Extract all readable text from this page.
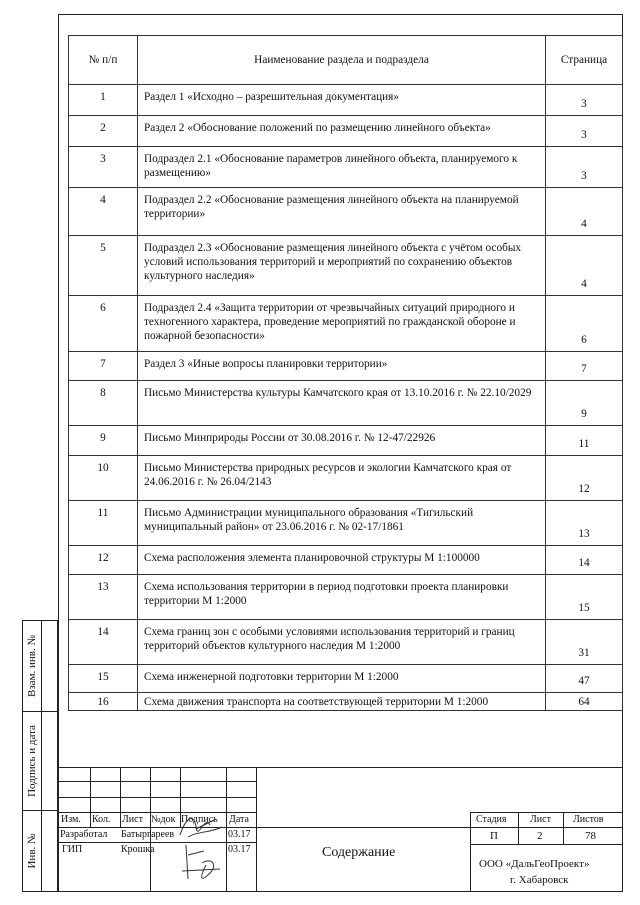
№ п/п	Наименование раздела и подраздела	Страница
1	Раздел 1 «Исходно – разрешительная документация»	3
2	Раздел 2 «Обоснование положений по размещению линейного объекта»	3
3	Подраздел 2.1 «Обоснование параметров линейного объекта, планируемого к размещению»	3
4	Подраздел 2.2 «Обоснование размещения линейного объекта на планируемой территории»	4
5	Подраздел 2.3 «Обоснование размещения линейного объекта с учётом особых условий использования территорий и мероприятий по сохранению объектов культурного наследия»	4
6	Подраздел 2.4 «Защита территории от чрезвычайных ситуаций природного и техногенного характера, проведение мероприятий по гражданской обороне и пожарной безопасности»	6
7	Раздел 3 «Иные вопросы планировки территории»	7
8	Письмо Министерства культуры Камчатского края от 13.10.2016 г. № 22.10/2029	9
9	Письмо Минприроды России от 30.08.2016 г. № 12-47/22926	11
10	Письмо Министерства природных ресурсов и экологии Камчатского края от 24.06.2016 г. № 26.04/2143	12
11	Письмо Администрации муниципального образования «Тигильский муниципальный район» от 23.06.2016 г. № 02-17/1861	13
12	Схема расположения элемента планировочной структуры М 1:100000	14
13	Схема использования территории в период подготовки проекта планировки территории М 1:2000	15
14	Схема границ зон с особыми условиями использования территорий и границ территорий объектов культурного наследия М 1:2000	31
15	Схема инженерной подготовки территории М 1:2000	47
16	Схема движения транспорта на соответствующей территории М 1:2000	64
Взам. инв. №
Подпись и дата
Инв. №
Изм. Кол. Лист №док Подпись Дата
Разработал Батыргареев	03.17
ГИП	Крошка	03.17	Содержание
Стадия Лист Листов
П	2	78
ООО «ДальГеоПроект»
г. Хабаровск
